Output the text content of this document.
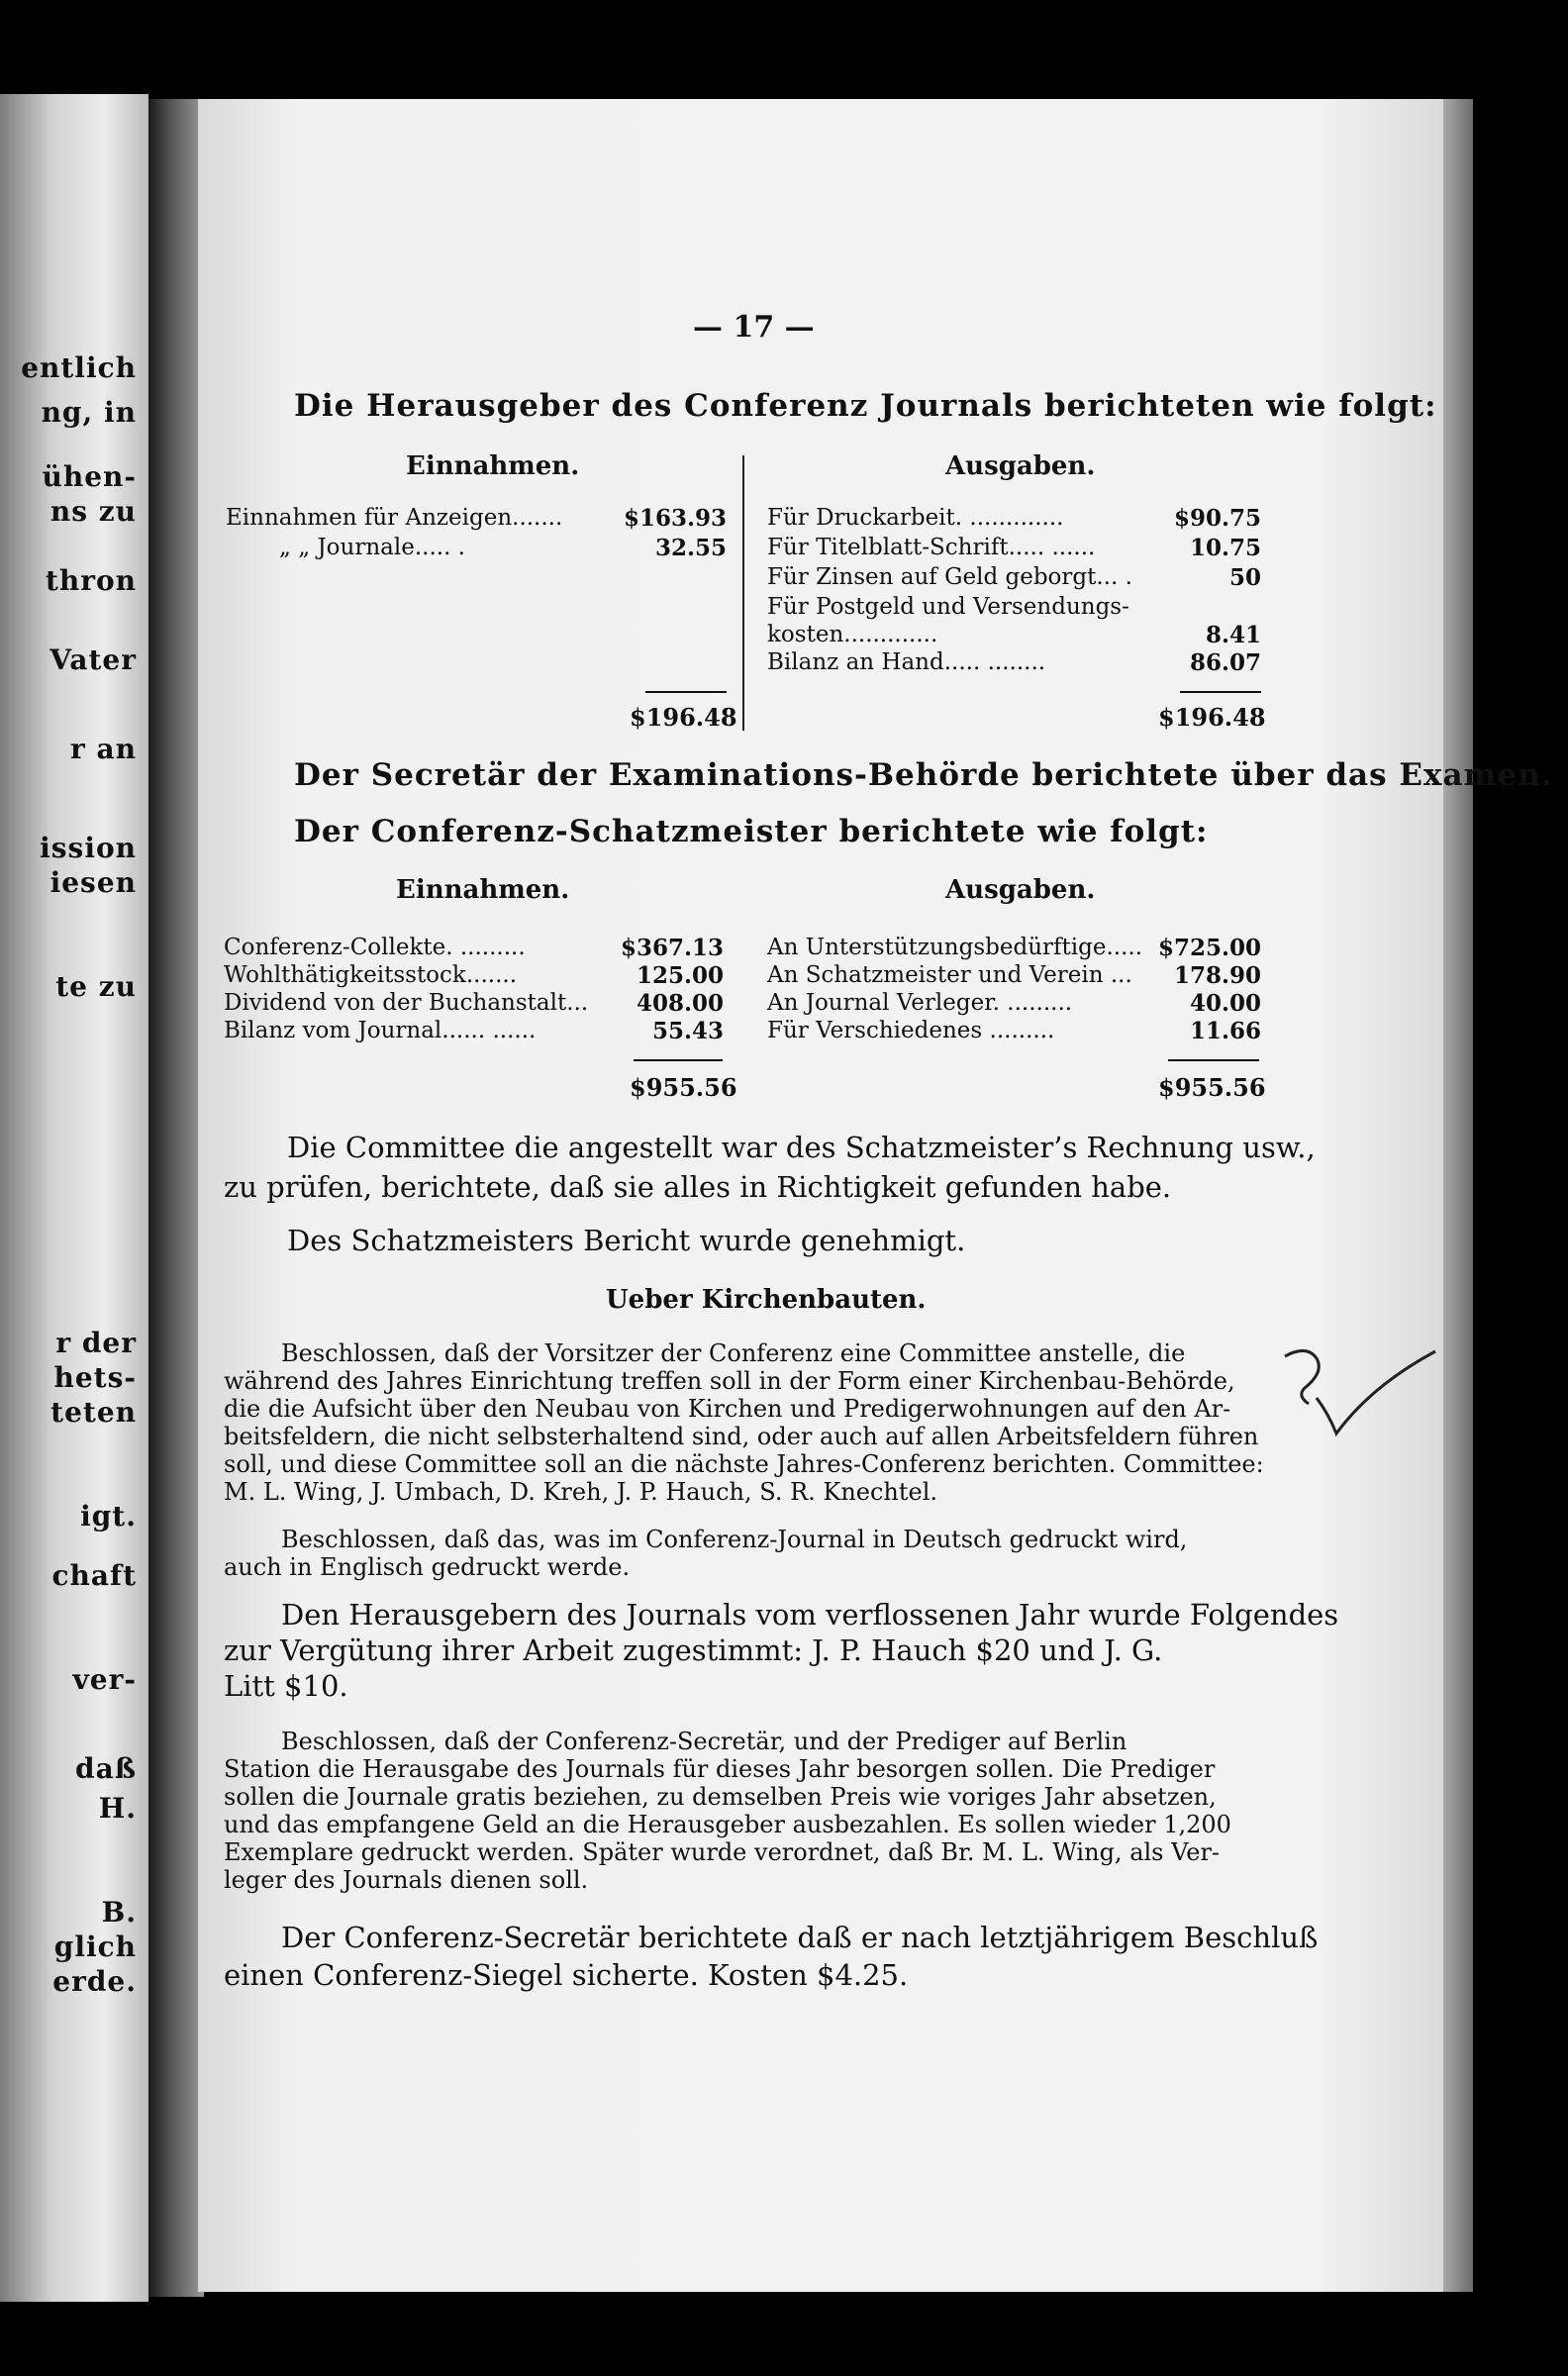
entlich
ng, in
ühen-
ns zu
thron
Vater
r an
ission
iesen
te zu
r der
hets-
teten
igt.
chaft
ver-
daß
H.
B.
glich
erde.
— 17 —
Die Herausgeber des Conferenz Journals berichteten wie folgt:
Einnahmen.	Ausgaben.
Einnahmen für Anzeigen.......	$163.93
„ „ Journale..... .	32.55
Für Druckarbeit. .............	$90.75
Für Titelblatt-Schrift..... ......	10.75
Für Zinsen auf Geld geborgt... .	50
Für Postgeld und Versendungs-
kosten.............	8.41
Bilanz an Hand..... ........	86.07
$196.48	$196.48
Der Secretär der Examinations-Behörde berichtete über das Examen.
Der Conferenz-Schatzmeister berichtete wie folgt:
Einnahmen.	Ausgaben.
Conferenz-Collekte. .........	$367.13
Wohlthätigkeitsstock.......	125.00
Dividend von der Buchanstalt... 408.00
Bilanz vom Journal...... ......	55.43
An Unterstützungsbedürftige..... $725.00
An Schatzmeister und Verein ... 178.90
An Journal Verleger. .........	40.00
Für Verschiedenes .........	11.66
$955.56	$955.56
Die Committee die angestellt war des Schatzmeister’s Rechnung usw.,
zu prüfen, berichtete, daß sie alles in Richtigkeit gefunden habe.
Des Schatzmeisters Bericht wurde genehmigt.
Ueber Kirchenbauten.
Beschlossen, daß der Vorsitzer der Conferenz eine Committee anstelle, die
während des Jahres Einrichtung treffen soll in der Form einer Kirchenbau-Behörde,
die die Aufsicht über den Neubau von Kirchen und Predigerwohnungen auf den Ar-
beitsfeldern, die nicht selbsterhaltend sind, oder auch auf allen Arbeitsfeldern führen
soll, und diese Committee soll an die nächste Jahres-Conferenz berichten. Committee:
M. L. Wing, J. Umbach, D. Kreh, J. P. Hauch, S. R. Knechtel.
Beschlossen, daß das, was im Conferenz-Journal in Deutsch gedruckt wird,
auch in Englisch gedruckt werde.
Den Herausgebern des Journals vom verflossenen Jahr wurde Folgendes
zur Vergütung ihrer Arbeit zugestimmt: J. P. Hauch $20 und J. G.
Litt $10.
Beschlossen, daß der Conferenz-Secretär, und der Prediger auf Berlin
Station die Herausgabe des Journals für dieses Jahr besorgen sollen. Die Prediger
sollen die Journale gratis beziehen, zu demselben Preis wie voriges Jahr absetzen,
und das empfangene Geld an die Herausgeber ausbezahlen. Es sollen wieder 1,200
Exemplare gedruckt werden. Später wurde verordnet, daß Br. M. L. Wing, als Ver-
leger des Journals dienen soll.
Der Conferenz-Secretär berichtete daß er nach letztjährigem Beschluß
einen Conferenz-Siegel sicherte. Kosten $4.25.
